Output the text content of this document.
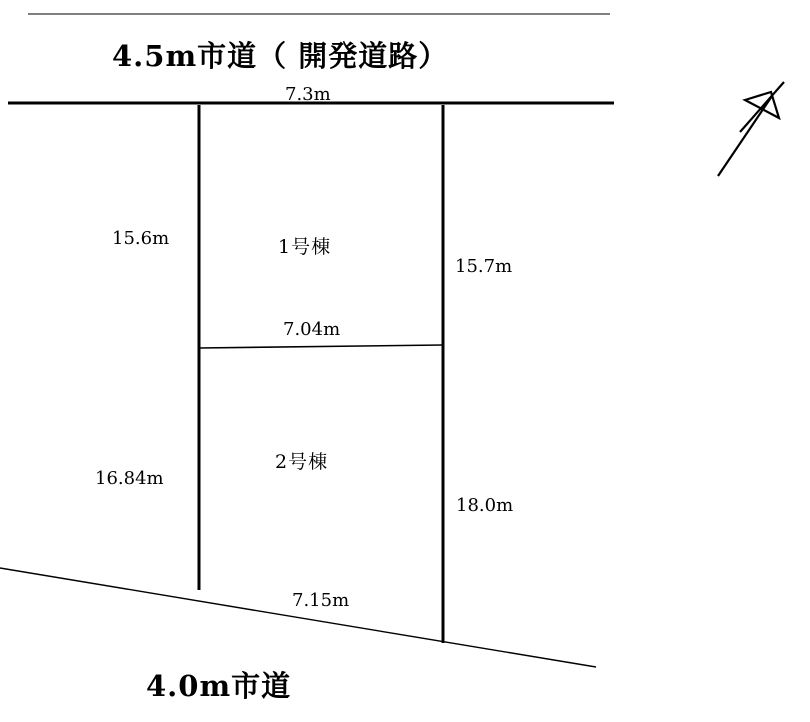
4.5m市道（ 開発道路）
4.0m市道
7.3m
15.6m
15.7m
7.04m
16.84m
18.0m
7.15m
1号棟
2号棟
